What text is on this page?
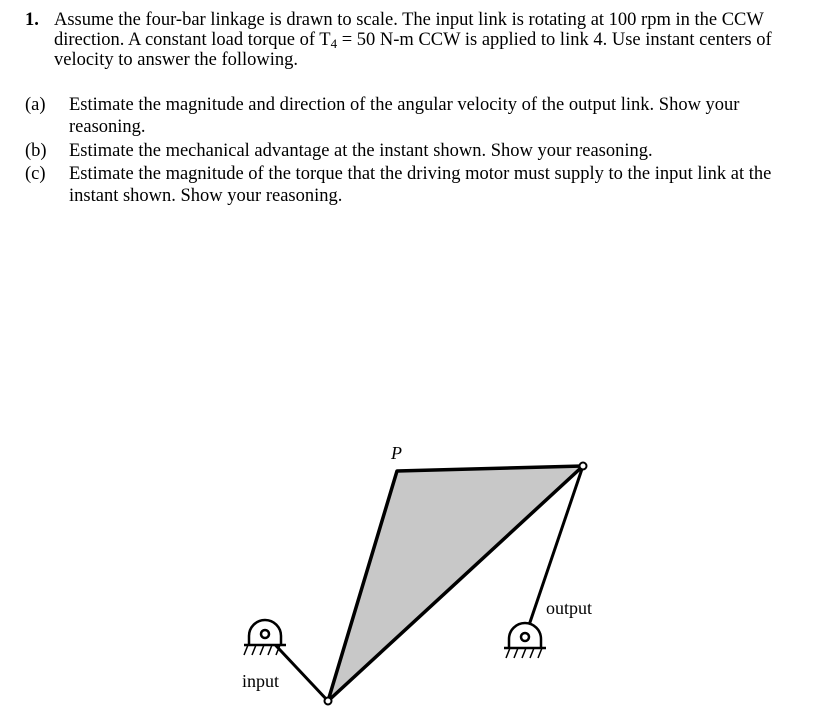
1. Assume the four-bar linkage is drawn to scale. The input link is rotating at 100 rpm in the CCW direction. A constant load torque of $T_4 = 50$ N-m CCW is applied to link 4. Use instant centers of velocity to answer the following.
(a) Estimate the magnitude and direction of the angular velocity of the output link. Show your reasoning.
(b) Estimate the mechanical advantage at the instant shown. Show your reasoning.
(c) Estimate the magnitude of the torque that the driving motor must supply to the input link at the instant shown. Show your reasoning.
P
output
input
